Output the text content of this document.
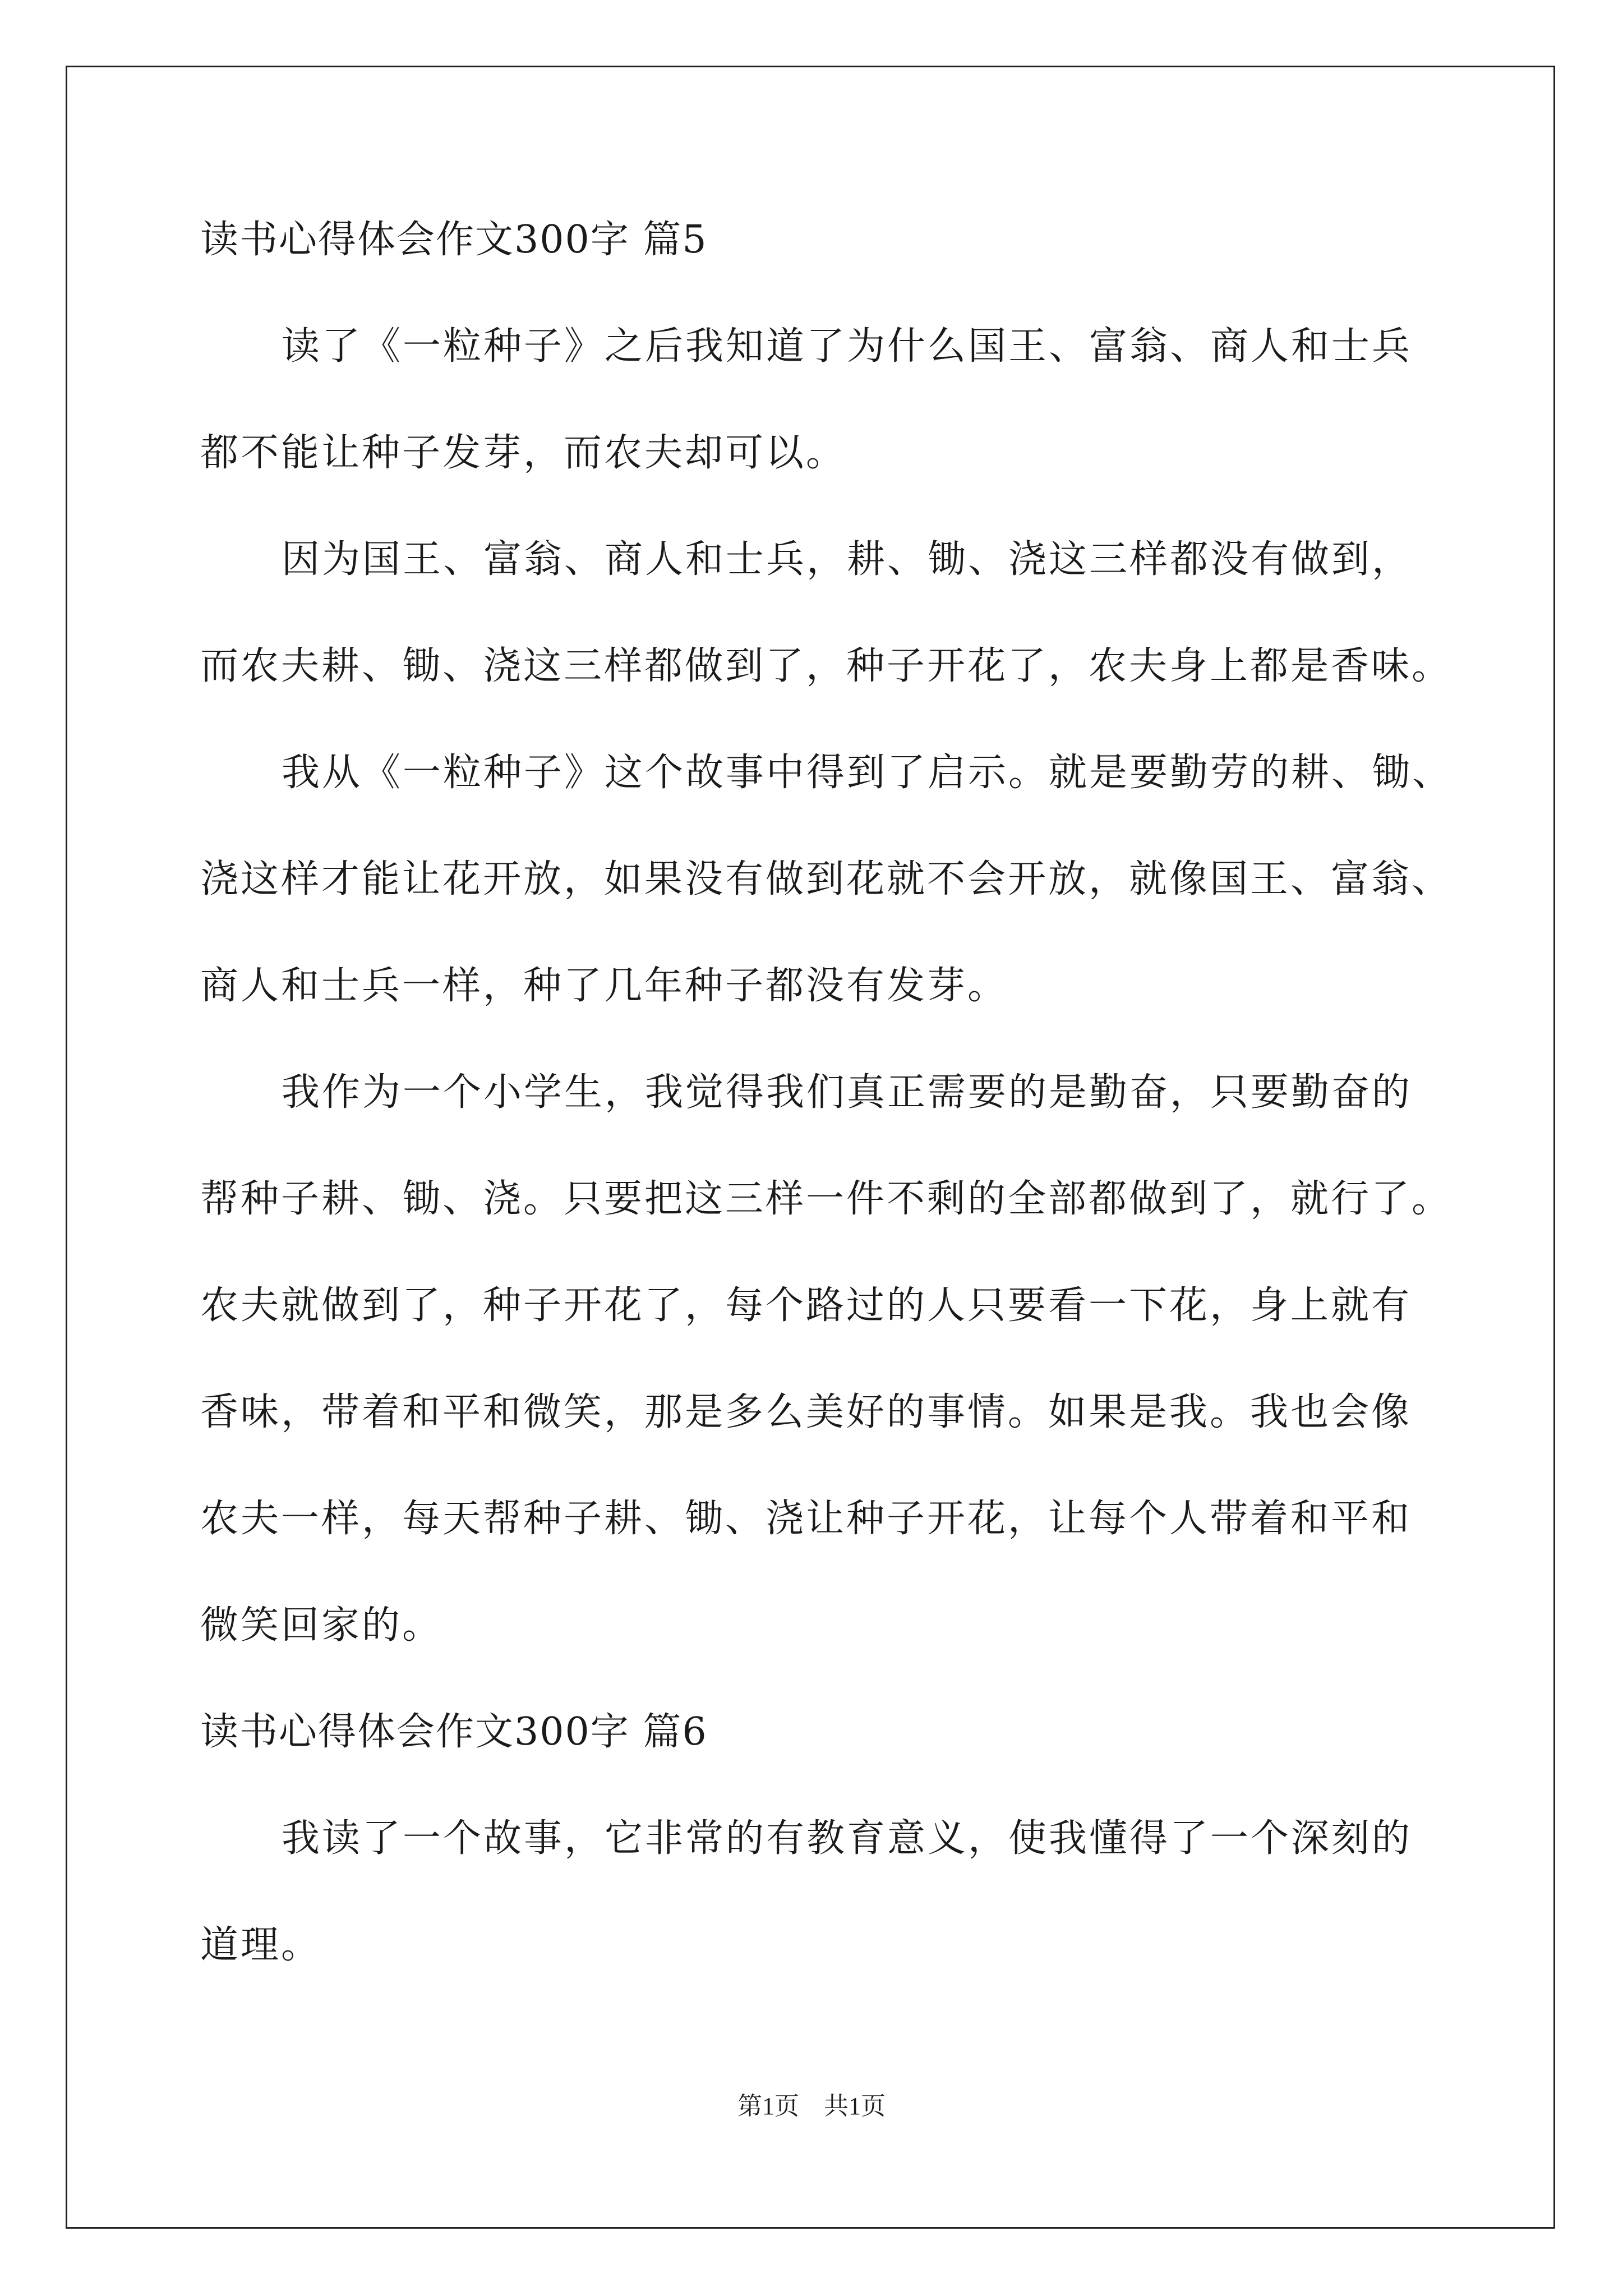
读书心得体会作文300字 篇5
读了《一粒种子》之后我知道了为什么国王、富翁、商人和士兵
都不能让种子发芽，而农夫却可以。
因为国王、富翁、商人和士兵，耕、锄、浇这三样都没有做到，
而农夫耕、锄、浇这三样都做到了，种子开花了，农夫身上都是香味。
我从《一粒种子》这个故事中得到了启示。就是要勤劳的耕、锄、
浇这样才能让花开放，如果没有做到花就不会开放，就像国王、富翁、
商人和士兵一样，种了几年种子都没有发芽。
我作为一个小学生，我觉得我们真正需要的是勤奋，只要勤奋的
帮种子耕、锄、浇。只要把这三样一件不剩的全部都做到了，就行了。
农夫就做到了，种子开花了，每个路过的人只要看一下花，身上就有
香味，带着和平和微笑，那是多么美好的事情。如果是我。我也会像
农夫一样，每天帮种子耕、锄、浇让种子开花，让每个人带着和平和
微笑回家的。
读书心得体会作文300字 篇6
我读了一个故事，它非常的有教育意义，使我懂得了一个深刻的
道理。
第1页　共1页
